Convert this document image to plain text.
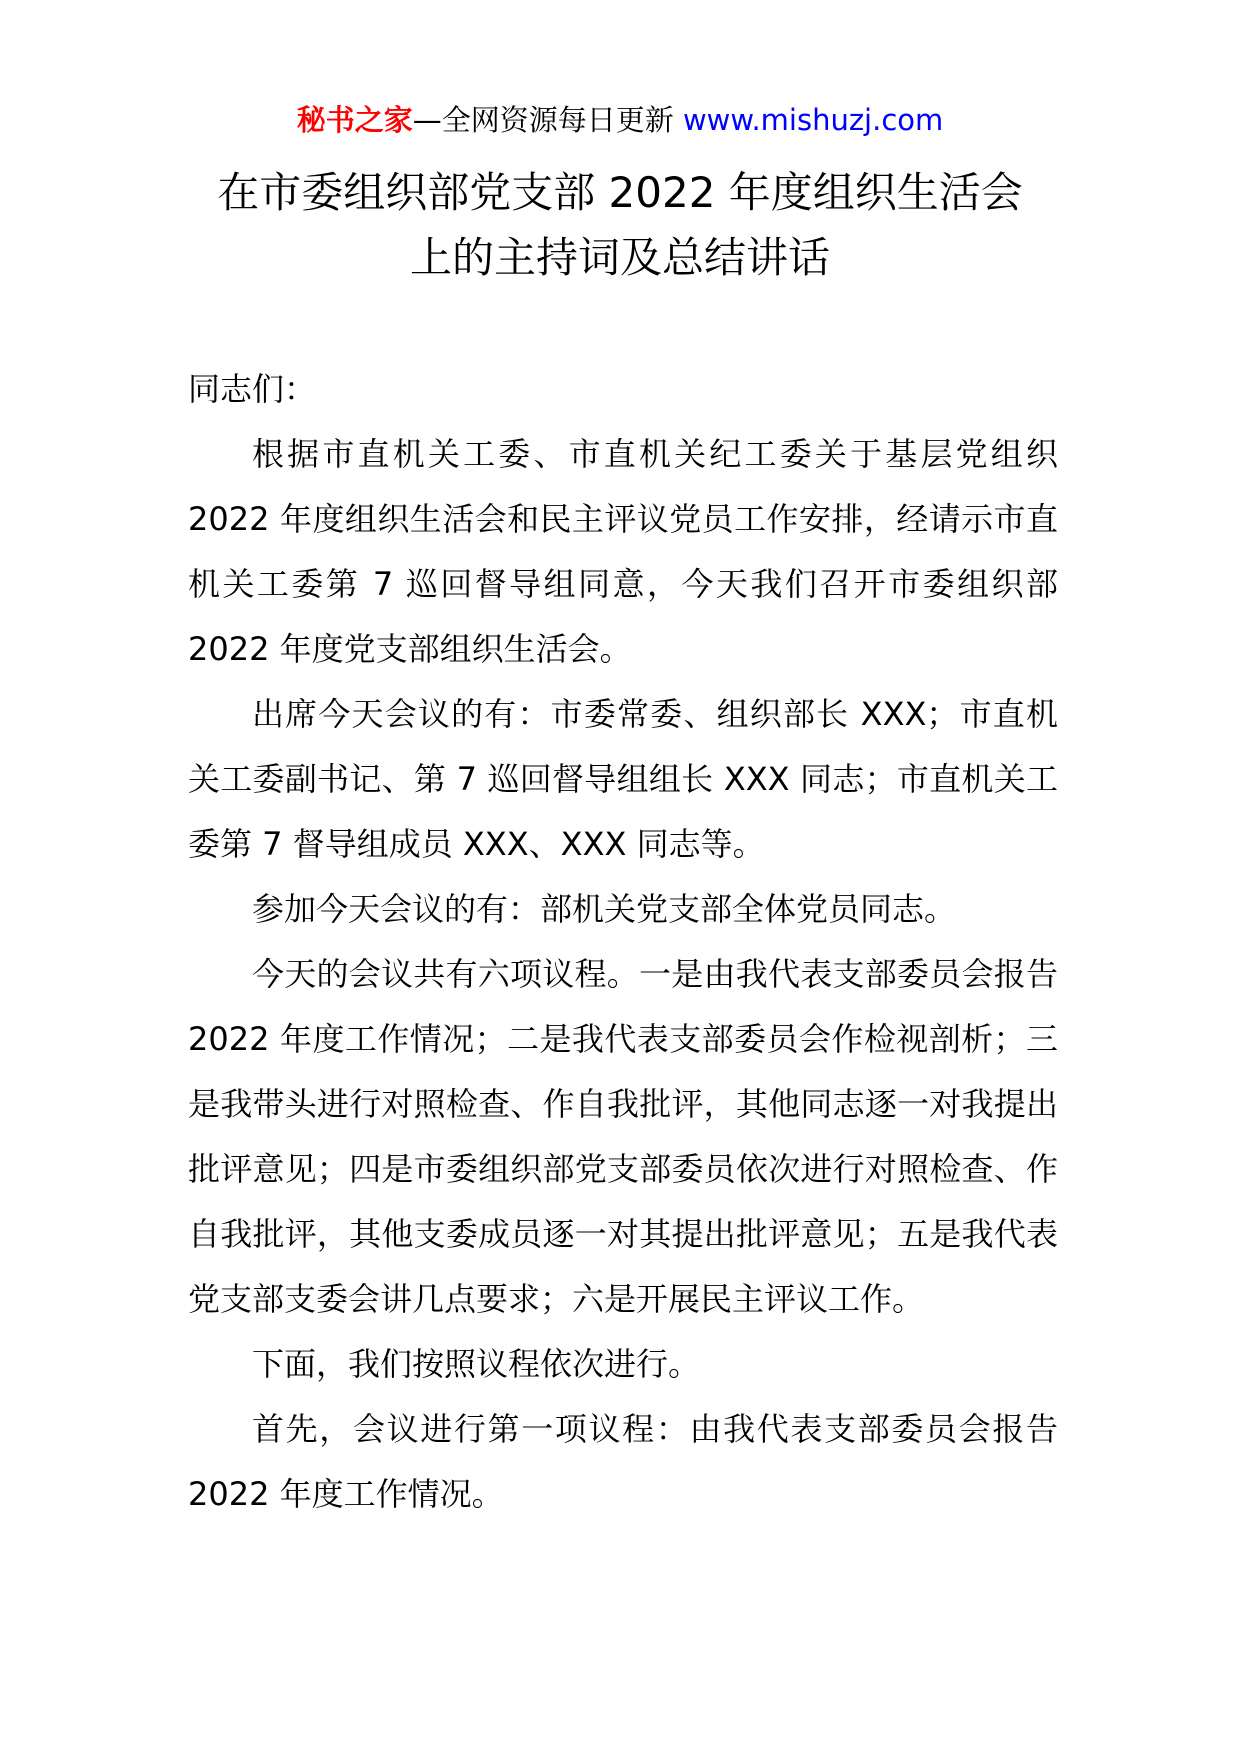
秘书之家—全网资源每日更新 www.mishuzj.com
在市委组织部党支部 2022 年度组织生活会
上的主持词及总结讲话

同志们：

根据市直机关工委、市直机关纪工委关于基层党组织 2022 年度组织生活会和民主评议党员工作安排，经请示市直机关工委第 7 巡回督导组同意，今天我们召开市委组织部 2022 年度党支部组织生活会。

出席今天会议的有：市委常委、组织部长 XXX；市直机关工委副书记、第 7 巡回督导组组长 XXX 同志；市直机关工委第 7 督导组成员 XXX、XXX 同志等。

参加今天会议的有：部机关党支部全体党员同志。

今天的会议共有六项议程。一是由我代表支部委员会报告 2022 年度工作情况；二是我代表支部委员会作检视剖析；三是我带头进行对照检查、作自我批评，其他同志逐一对我提出批评意见；四是市委组织部党支部委员依次进行对照检查、作自我批评，其他支委成员逐一对其提出批评意见；五是我代表党支部支委会讲几点要求；六是开展民主评议工作。

下面，我们按照议程依次进行。

首先，会议进行第一项议程：由我代表支部委员会报告 2022 年度工作情况。
